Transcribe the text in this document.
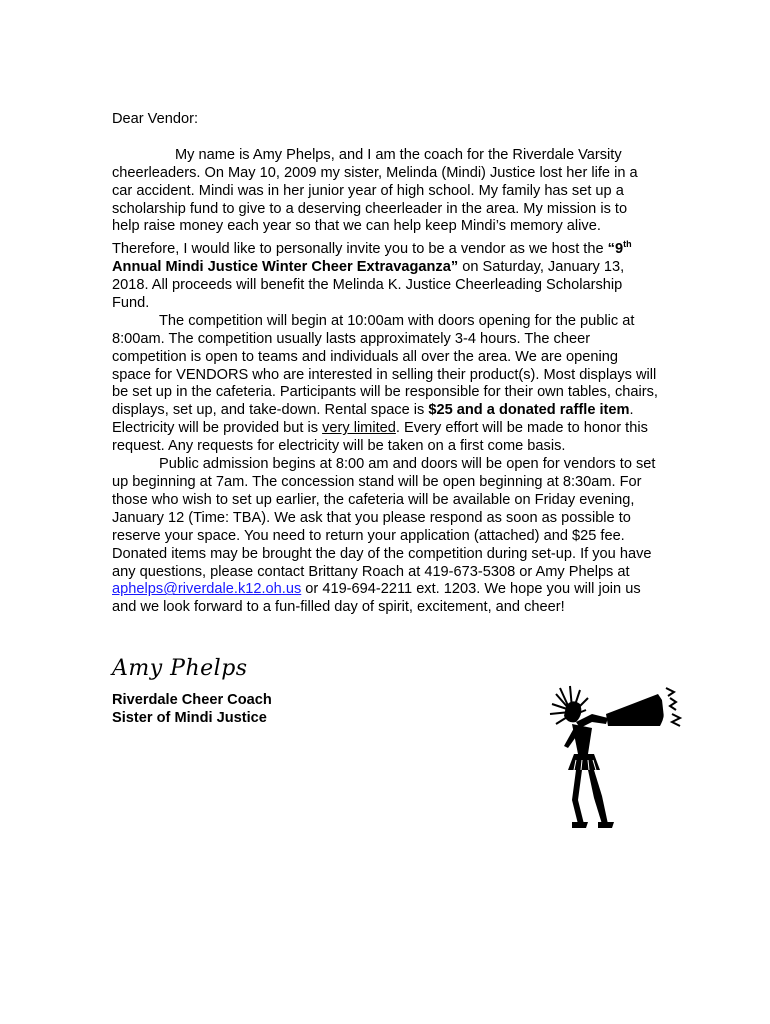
Dear Vendor:

My name is Amy Phelps, and I am the coach for the Riverdale Varsity cheerleaders. On May 10, 2009 my sister, Melinda (Mindi) Justice lost her life in a car accident. Mindi was in her junior year of high school. My family has set up a scholarship fund to give to a deserving cheerleader in the area. My mission is to help raise money each year so that we can help keep Mindi’s memory alive. Therefore, I would like to personally invite you to be a vendor as we host the “9th Annual Mindi Justice Winter Cheer Extravaganza” on Saturday, January 13, 2018. All proceeds will benefit the Melinda K. Justice Cheerleading Scholarship Fund.

The competition will begin at 10:00am with doors opening for the public at 8:00am. The competition usually lasts approximately 3-4 hours. The cheer competition is open to teams and individuals all over the area. We are opening space for VENDORS who are interested in selling their product(s). Most displays will be set up in the cafeteria. Participants will be responsible for their own tables, chairs, displays, set up, and take-down. Rental space is $25 and a donated raffle item. Electricity will be provided but is very limited. Every effort will be made to honor this request. Any requests for electricity will be taken on a first come basis.

Public admission begins at 8:00 am and doors will be open for vendors to set up beginning at 7am. The concession stand will be open beginning at 8:30am. For those who wish to set up earlier, the cafeteria will be available on Friday evening, January 12 (Time: TBA). We ask that you please respond as soon as possible to reserve your space. You need to return your application (attached) and $25 fee. Donated items may be brought the day of the competition during set-up. If you have any questions, please contact Brittany Roach at 419-673-5308 or Amy Phelps at aphelps@riverdale.k12.oh.us or 419-694-2211 ext. 1203. We hope you will join us and we look forward to a fun-filled day of spirit, excitement, and cheer!

Amy Phelps
Riverdale Cheer Coach
Sister of Mindi Justice
